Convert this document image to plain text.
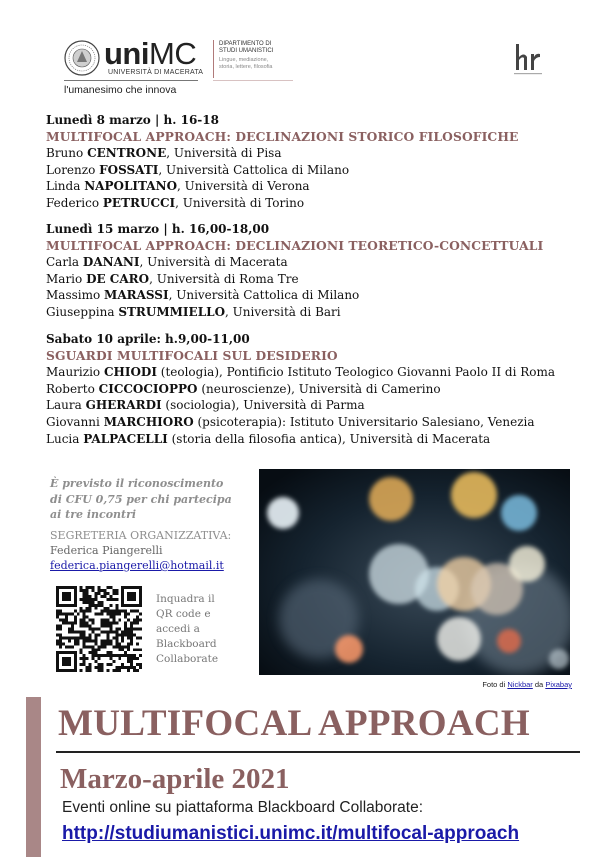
uniMC
UNIVERSITÀ DI MACERATA
l'umanesimo che innova
DIPARTIMENTO DI
STUDI UMANISTICI
Lingue, mediazione,
storia, lettere, filosofia
Lunedì 8 marzo | h. 16-18
MULTIFOCAL APPROACH: DECLINAZIONI STORICO FILOSOFICHE
Bruno CENTRONE, Università di Pisa
Lorenzo FOSSATI, Università Cattolica di Milano
Linda NAPOLITANO, Università di Verona
Federico PETRUCCI, Università di Torino
Lunedì 15 marzo | h. 16,00-18,00
MULTIFOCAL APPROACH: DECLINAZIONI TEORETICO-CONCETTUALI
Carla DANANI, Università di Macerata
Mario DE CARO, Università di Roma Tre
Massimo MARASSI, Università Cattolica di Milano
Giuseppina STRUMMIELLO, Università di Bari
Sabato 10 aprile: h.9,00-11,00
SGUARDI MULTIFOCALI SUL DESIDERIO
Maurizio CHIODI (teologia), Pontificio Istituto Teologico Giovanni Paolo II di Roma
Roberto CICCOCIOPPO (neuroscienze), Università di Camerino
Laura GHERARDI (sociologia), Università di Parma
Giovanni MARCHIORO (psicoterapia): Istituto Universitario Salesiano, Venezia
Lucia PALPACELLI (storia della filosofia antica), Università di Macerata
È previsto il riconoscimento
di CFU 0,75 per chi partecipa
ai tre incontri
SEGRETERIA ORGANIZZATIVA:
Federica Piangerelli
federica.piangerelli@hotmail.it
Inquadra il
QR code e
accedi a
Blackboard
Collaborate
Foto di Nickbar da Pixabay
MULTIFOCAL APPROACH
Marzo-aprile 2021
Eventi online su piattaforma Blackboard Collaborate:
http://studiumanistici.unimc.it/multifocal-approach
